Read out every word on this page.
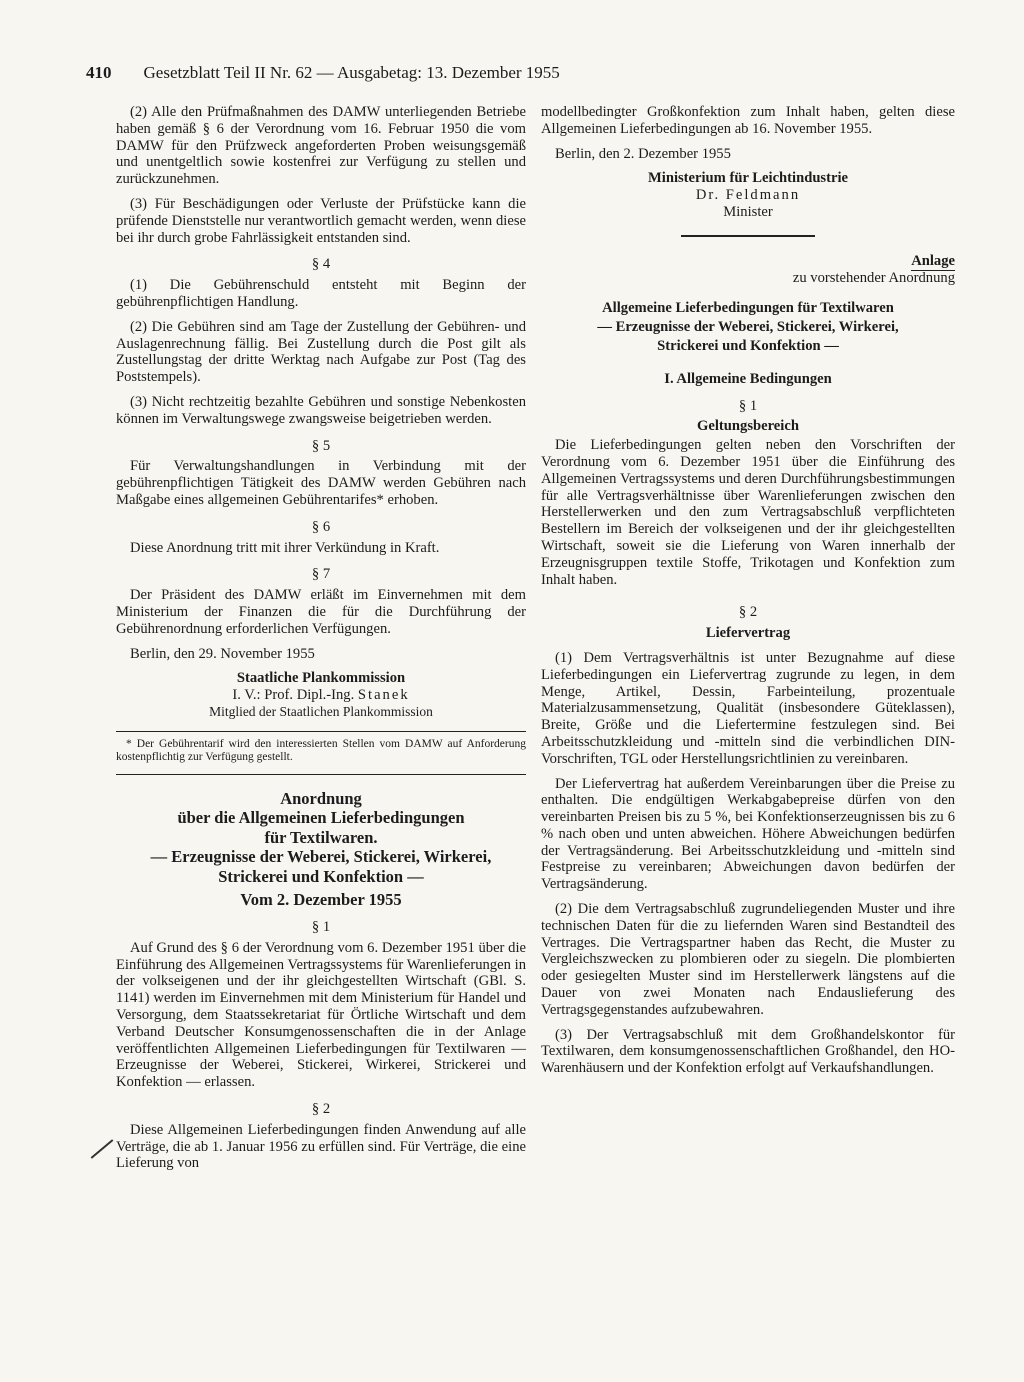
410 Gesetzblatt Teil II Nr. 62 — Ausgabetag: 13. Dezember 1955

(2) Alle den Prüfmaßnahmen des DAMW unterliegenden Betriebe haben gemäß § 6 der Verordnung vom 16. Februar 1950 die vom DAMW für den Prüfzweck angeforderten Proben weisungsgemäß und unentgeltlich sowie kostenfrei zur Verfügung zu stellen und zurückzunehmen.

(3) Für Beschädigungen oder Verluste der Prüfstücke kann die prüfende Dienststelle nur verantwortlich gemacht werden, wenn diese bei ihr durch grobe Fahrlässigkeit entstanden sind.

§ 4

(1) Die Gebührenschuld entsteht mit Beginn der gebührenpflichtigen Handlung.

(2) Die Gebühren sind am Tage der Zustellung der Gebühren- und Auslagenrechnung fällig. Bei Zustellung durch die Post gilt als Zustellungstag der dritte Werktag nach Aufgabe zur Post (Tag des Poststempels).

(3) Nicht rechtzeitig bezahlte Gebühren und sonstige Nebenkosten können im Verwaltungswege zwangsweise beigetrieben werden.

§ 5

Für Verwaltungshandlungen in Verbindung mit der gebührenpflichtigen Tätigkeit des DAMW werden Gebühren nach Maßgabe eines allgemeinen Gebührentarifes* erhoben.

§ 6

Diese Anordnung tritt mit ihrer Verkündung in Kraft.

§ 7

Der Präsident des DAMW erläßt im Einvernehmen mit dem Ministerium der Finanzen die für die Durchführung der Gebührenordnung erforderlichen Verfügungen.

Berlin, den 29. November 1955

Staatliche Plankommission
I. V.: Prof. Dipl.-Ing. Stanek
Mitglied der Staatlichen Plankommission
* Der Gebührentarif wird den interessierten Stellen vom DAMW auf Anforderung kostenpflichtig zur Verfügung gestellt.
Anordnung
über die Allgemeinen Lieferbedingungen
für Textilwaren.
— Erzeugnisse der Weberei, Stickerei, Wirkerei,
Strickerei und Konfektion —
Vom 2. Dezember 1955
§ 1

Auf Grund des § 6 der Verordnung vom 6. Dezember 1951 über die Einführung des Allgemeinen Vertragssystems für Warenlieferungen in der volkseigenen und der ihr gleichgestellten Wirtschaft (GBl. S. 1141) werden im Einvernehmen mit dem Ministerium für Handel und Versorgung, dem Staatssekretariat für Örtliche Wirtschaft und dem Verband Deutscher Konsumgenossenschaften die in der Anlage veröffentlichten Allgemeinen Lieferbedingungen für Textilwaren — Erzeugnisse der Weberei, Stickerei, Wirkerei, Strickerei und Konfektion — erlassen.

§ 2

Diese Allgemeinen Lieferbedingungen finden Anwendung auf alle Verträge, die ab 1. Januar 1956 zu erfüllen sind. Für Verträge, die eine Lieferung von

modellbedingter Großkonfektion zum Inhalt haben, gelten diese Allgemeinen Lieferbedingungen ab 16. November 1955.

Berlin, den 2. Dezember 1955

Ministerium für Leichtindustrie
Dr. Feldmann
Minister
Anlage
zu vorstehender Anordnung
Allgemeine Lieferbedingungen für Textilwaren
— Erzeugnisse der Weberei, Stickerei, Wirkerei,
Strickerei und Konfektion —
I. Allgemeine Bedingungen
§ 1
Geltungsbereich

Die Lieferbedingungen gelten neben den Vorschriften der Verordnung vom 6. Dezember 1951 über die Einführung des Allgemeinen Vertragssystems und deren Durchführungsbestimmungen für alle Vertragsverhältnisse über Warenlieferungen zwischen den Herstellerwerken und den zum Vertragsabschluß verpflichteten Bestellern im Bereich der volkseigenen und der ihr gleichgestellten Wirtschaft, soweit sie die Lieferung von Waren innerhalb der Erzeugnisgruppen textile Stoffe, Trikotagen und Konfektion zum Inhalt haben.

§ 2
Liefervertrag

(1) Dem Vertragsverhältnis ist unter Bezugnahme auf diese Lieferbedingungen ein Liefervertrag zugrunde zu legen, in dem Menge, Artikel, Dessin, Farbeinteilung, prozentuale Materialzusammensetzung, Qualität (insbesondere Güteklassen), Breite, Größe und die Liefertermine festzulegen sind. Bei Arbeitsschutzkleidung und -mitteln sind die verbindlichen DIN-Vorschriften, TGL oder Herstellungsrichtlinien zu vereinbaren.

Der Liefervertrag hat außerdem Vereinbarungen über die Preise zu enthalten. Die endgültigen Werkabgabepreise dürfen von den vereinbarten Preisen bis zu 5 %, bei Konfektionserzeugnissen bis zu 6 % nach oben und unten abweichen. Höhere Abweichungen bedürfen der Vertragsänderung. Bei Arbeitsschutzkleidung und -mitteln sind Festpreise zu vereinbaren; Abweichungen davon bedürfen der Vertragsänderung.

(2) Die dem Vertragsabschluß zugrundeliegenden Muster und ihre technischen Daten für die zu liefernden Waren sind Bestandteil des Vertrages. Die Vertragspartner haben das Recht, die Muster zu Vergleichszwecken zu plombieren oder zu siegeln. Die plombierten oder gesiegelten Muster sind im Herstellerwerk längstens auf die Dauer von zwei Monaten nach Endauslieferung des Vertragsgegenstandes aufzubewahren.

(3) Der Vertragsabschluß mit dem Großhandelskontor für Textilwaren, dem konsumgenossenschaftlichen Großhandel, den HO-Warenhäusern und der Konfektion erfolgt auf Verkaufshandlungen.
